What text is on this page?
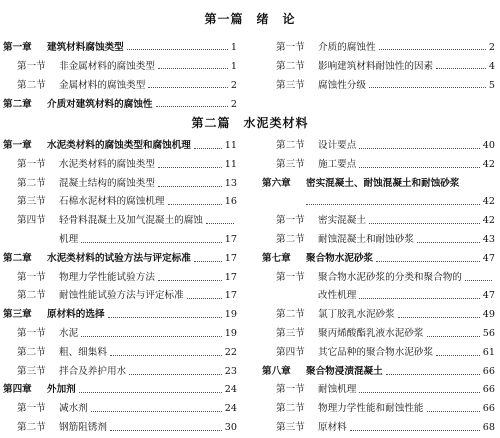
第一篇　绪　论
第一章 建筑材料腐蚀类型	1
第一节 非金属材料的腐蚀类型	1
第二节 金属材料的腐蚀类型	2
第二章 介质对建筑材料的腐蚀性	2
第一节 介质的腐蚀性	2
第二节 影响建筑材料耐蚀性的因素	4
第三节 腐蚀性分级	5
第二篇　水泥类材料
第一章 水泥类材料的腐蚀类型和腐蚀机理	11
第一节 水泥类材料的腐蚀类型	11
第二节 混凝土结构的腐蚀类型	13
第三节 石棉水泥材料的腐蚀机理	16
第四节 轻骨料混凝土及加气混凝土的腐蚀
机理	17
第二章 水泥类材料的试验方法与评定标准	17
第一节 物理力学性能试验方法	17
第二节 耐蚀性能试验方法与评定标准	17
第三章 原材料的选择	19
第一节 水泥	19
第二节 粗、细集料	22
第三节 拌合及养护用水	23
第四章 外加剂	24
第一节 减水剂	24
第二节 钢筋阻锈剂	30
第二节 设计要点	40
第三节 施工要点	42
第六章 密实混凝土、耐蚀混凝土和耐蚀砂浆
42
第一节 密实混凝土	42
第二节 耐蚀混凝土和耐蚀砂浆	43
第七章 聚合物水泥砂浆	47
第一节 聚合物水泥砂浆的分类和聚合物的
改性机理	47
第二节 氯丁胶乳水泥砂浆	49
第三节 聚丙烯酸酯乳液水泥砂浆	56
第四节 其它品种的聚合物水泥砂浆	61
第八章 聚合物浸渍混凝土	66
第一节 耐蚀机理	66
第二节 物理力学性能和耐蚀性能	66
第三节 原材料	68
